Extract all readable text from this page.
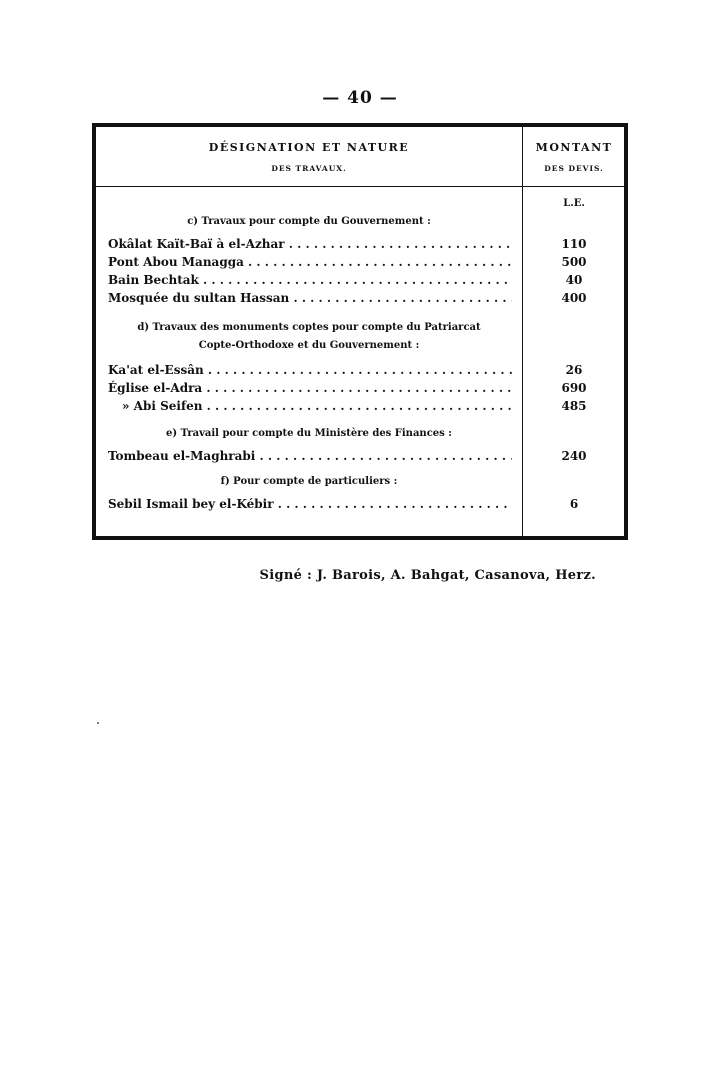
— 40 —
DÉSIGNATION ET NATURE
DES TRAVAUX.
MONTANT
DES DEVIS.
L.E.
c) Travaux pour compte du Gouvernement :
Okâlat Kaït-Baï à el-Azhar . . .	110
Pont Abou Managga . . .	500
Bain Bechtak . . .	40
Mosquée du sultan Hassan . . .	400
d) Travaux des monuments coptes pour compte du Patriarcat
Copte-Orthodoxe et du Gouvernement :
Ka'at el-Essân . . .	26
Église el-Adra . . .	690
» Abi Seifen . . .	485
e) Travail pour compte du Ministère des Finances :
Tombeau el-Maghrabi . . .	240
f) Pour compte de particuliers :
Sebil Ismail bey el-Kébir . . .	6
Signé : J. Barois, A. Bahgat, Casanova, Herz.
